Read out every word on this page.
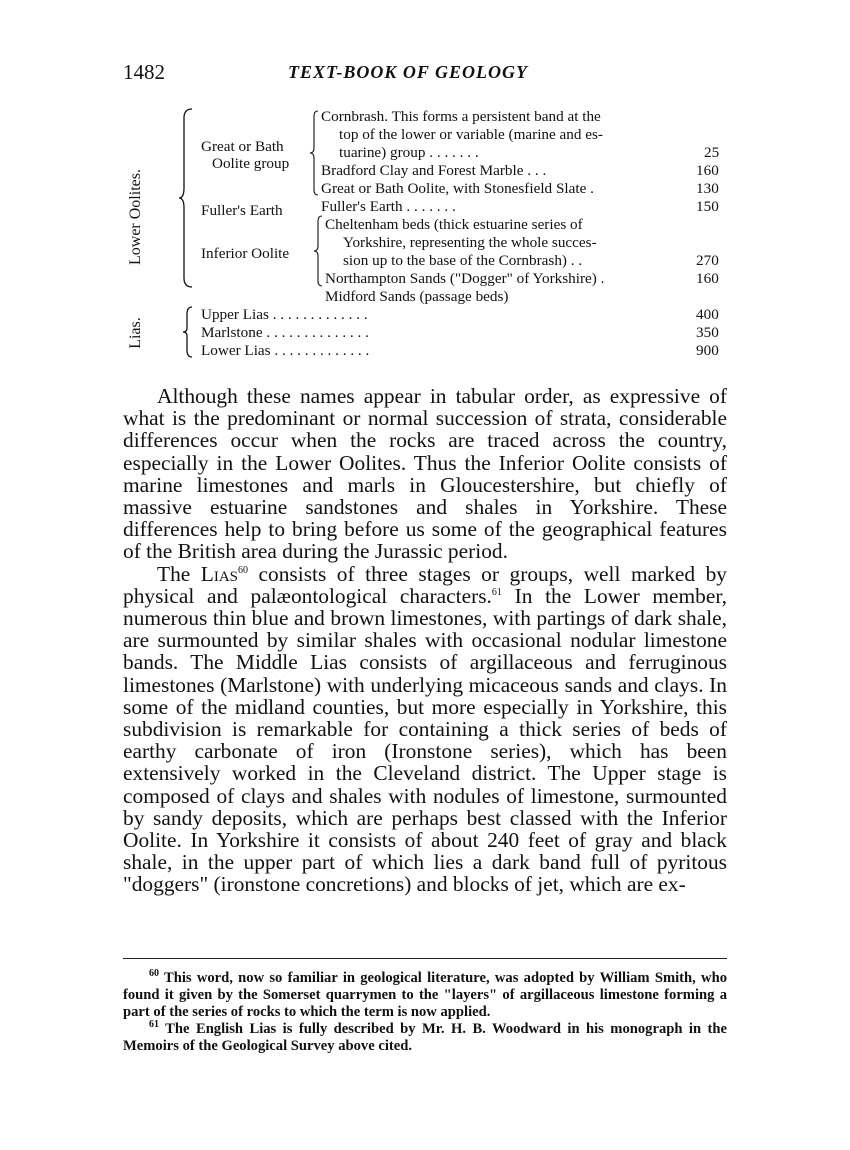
1482	TEXT-BOOK OF GEOLOGY
Lower Oolites.
Lias.
Great or Bath
Oolite group
Fuller's Earth
Inferior Oolite
Cornbrash. This forms a persistent band at the
top of the lower or variable (marine and es-
tuarine) group . . . . . . .
Bradford Clay and Forest Marble . . .
Great or Bath Oolite, with Stonesfield Slate .
Fuller's Earth . . . . . . .
Cheltenham beds (thick estuarine series of
Yorkshire, representing the whole succes-
sion up to the base of the Cornbrash) . .
Northampton Sands ("Dogger" of Yorkshire) .
Midford Sands (passage beds)
25
160
130
150
270
160
Upper Lias . . . . . . . . . . . . .
Marlstone . . . . . . . . . . . . . .
Lower Lias . . . . . . . . . . . . .
400
350
900

Although these names appear in tabular order, as expressive of what is the predominant or normal succession of strata, considerable differences occur when the rocks are traced across the country, especially in the Lower Oolites. Thus the Inferior Oolite consists of marine limestones and marls in Gloucestershire, but chiefly of massive estuarine sandstones and shales in Yorkshire. These differences help to bring before us some of the geographical features of the British area during the Jurassic period.

The Lias$^{60}$ consists of three stages or groups, well marked by physical and palæontological characters.$^{61}$ In the Lower member, numerous thin blue and brown limestones, with partings of dark shale, are surmounted by similar shales with occasional nodular limestone bands. The Middle Lias consists of argillaceous and ferruginous limestones (Marlstone) with underlying micaceous sands and clays. In some of the midland counties, but more especially in Yorkshire, this subdivision is remarkable for containing a thick series of beds of earthy carbonate of iron (Ironstone series), which has been extensively worked in the Cleveland district. The Upper stage is composed of clays and shales with nodules of limestone, surmounted by sandy deposits, which are perhaps best classed with the Inferior Oolite. In Yorkshire it consists of about 240 feet of gray and black shale, in the upper part of which lies a dark band full of pyritous "doggers" (ironstone concretions) and blocks of jet, which are ex-

$^{60}$ This word, now so familiar in geological literature, was adopted by William Smith, who found it given by the Somerset quarrymen to the "layers" of argillaceous limestone forming a part of the series of rocks to which the term is now applied.

$^{61}$ The English Lias is fully described by Mr. H. B. Woodward in his monograph in the Memoirs of the Geological Survey above cited.
